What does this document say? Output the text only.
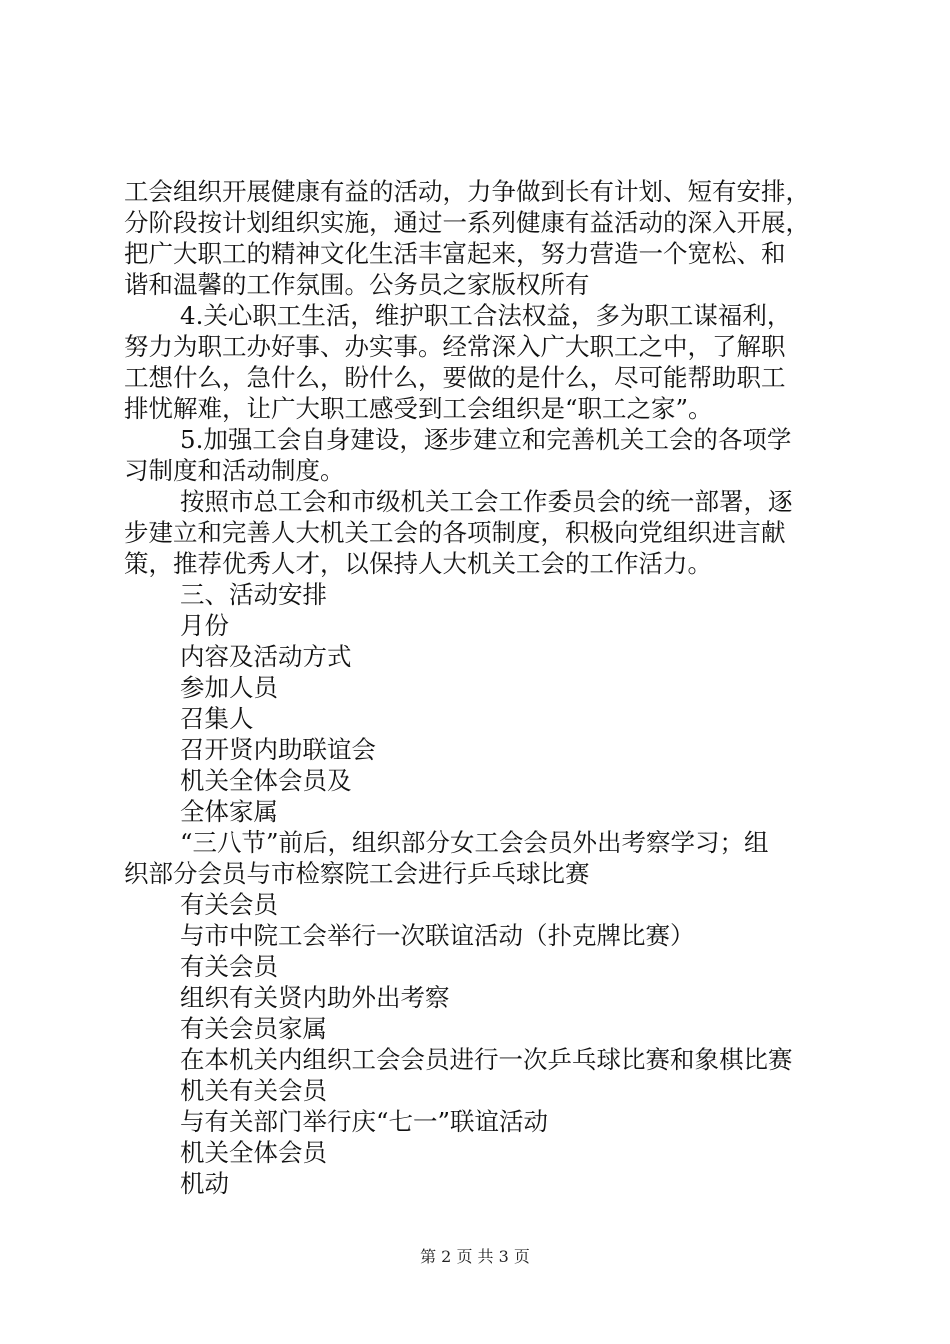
工会组织开展健康有益的活动，力争做到长有计划、短有安排，

分阶段按计划组织实施，通过一系列健康有益活动的深入开展，

把广大职工的精神文化生活丰富起来，努力营造一个宽松、和

谐和温馨的工作氛围。公务员之家版权所有

4.关心职工生活，维护职工合法权益，多为职工谋福利，

努力为职工办好事、办实事。经常深入广大职工之中，了解职

工想什么，急什么，盼什么，要做的是什么，尽可能帮助职工

排忧解难，让广大职工感受到工会组织是“职工之家”。

5.加强工会自身建设，逐步建立和完善机关工会的各项学

习制度和活动制度。

按照市总工会和市级机关工会工作委员会的统一部署，逐

步建立和完善人大机关工会的各项制度，积极向党组织进言献

策，推荐优秀人才，以保持人大机关工会的工作活力。

三、活动安排

月份

内容及活动方式

参加人员

召集人

召开贤内助联谊会

机关全体会员及

全体家属

“三八节”前后，组织部分女工会会员外出考察学习；组

织部分会员与市检察院工会进行乒乓球比赛

有关会员

与市中院工会举行一次联谊活动（扑克牌比赛）

有关会员

组织有关贤内助外出考察

有关会员家属

在本机关内组织工会会员进行一次乒乓球比赛和象棋比赛

机关有关会员

与有关部门举行庆“七一”联谊活动

机关全体会员

机动

第 2 页 共 3 页
